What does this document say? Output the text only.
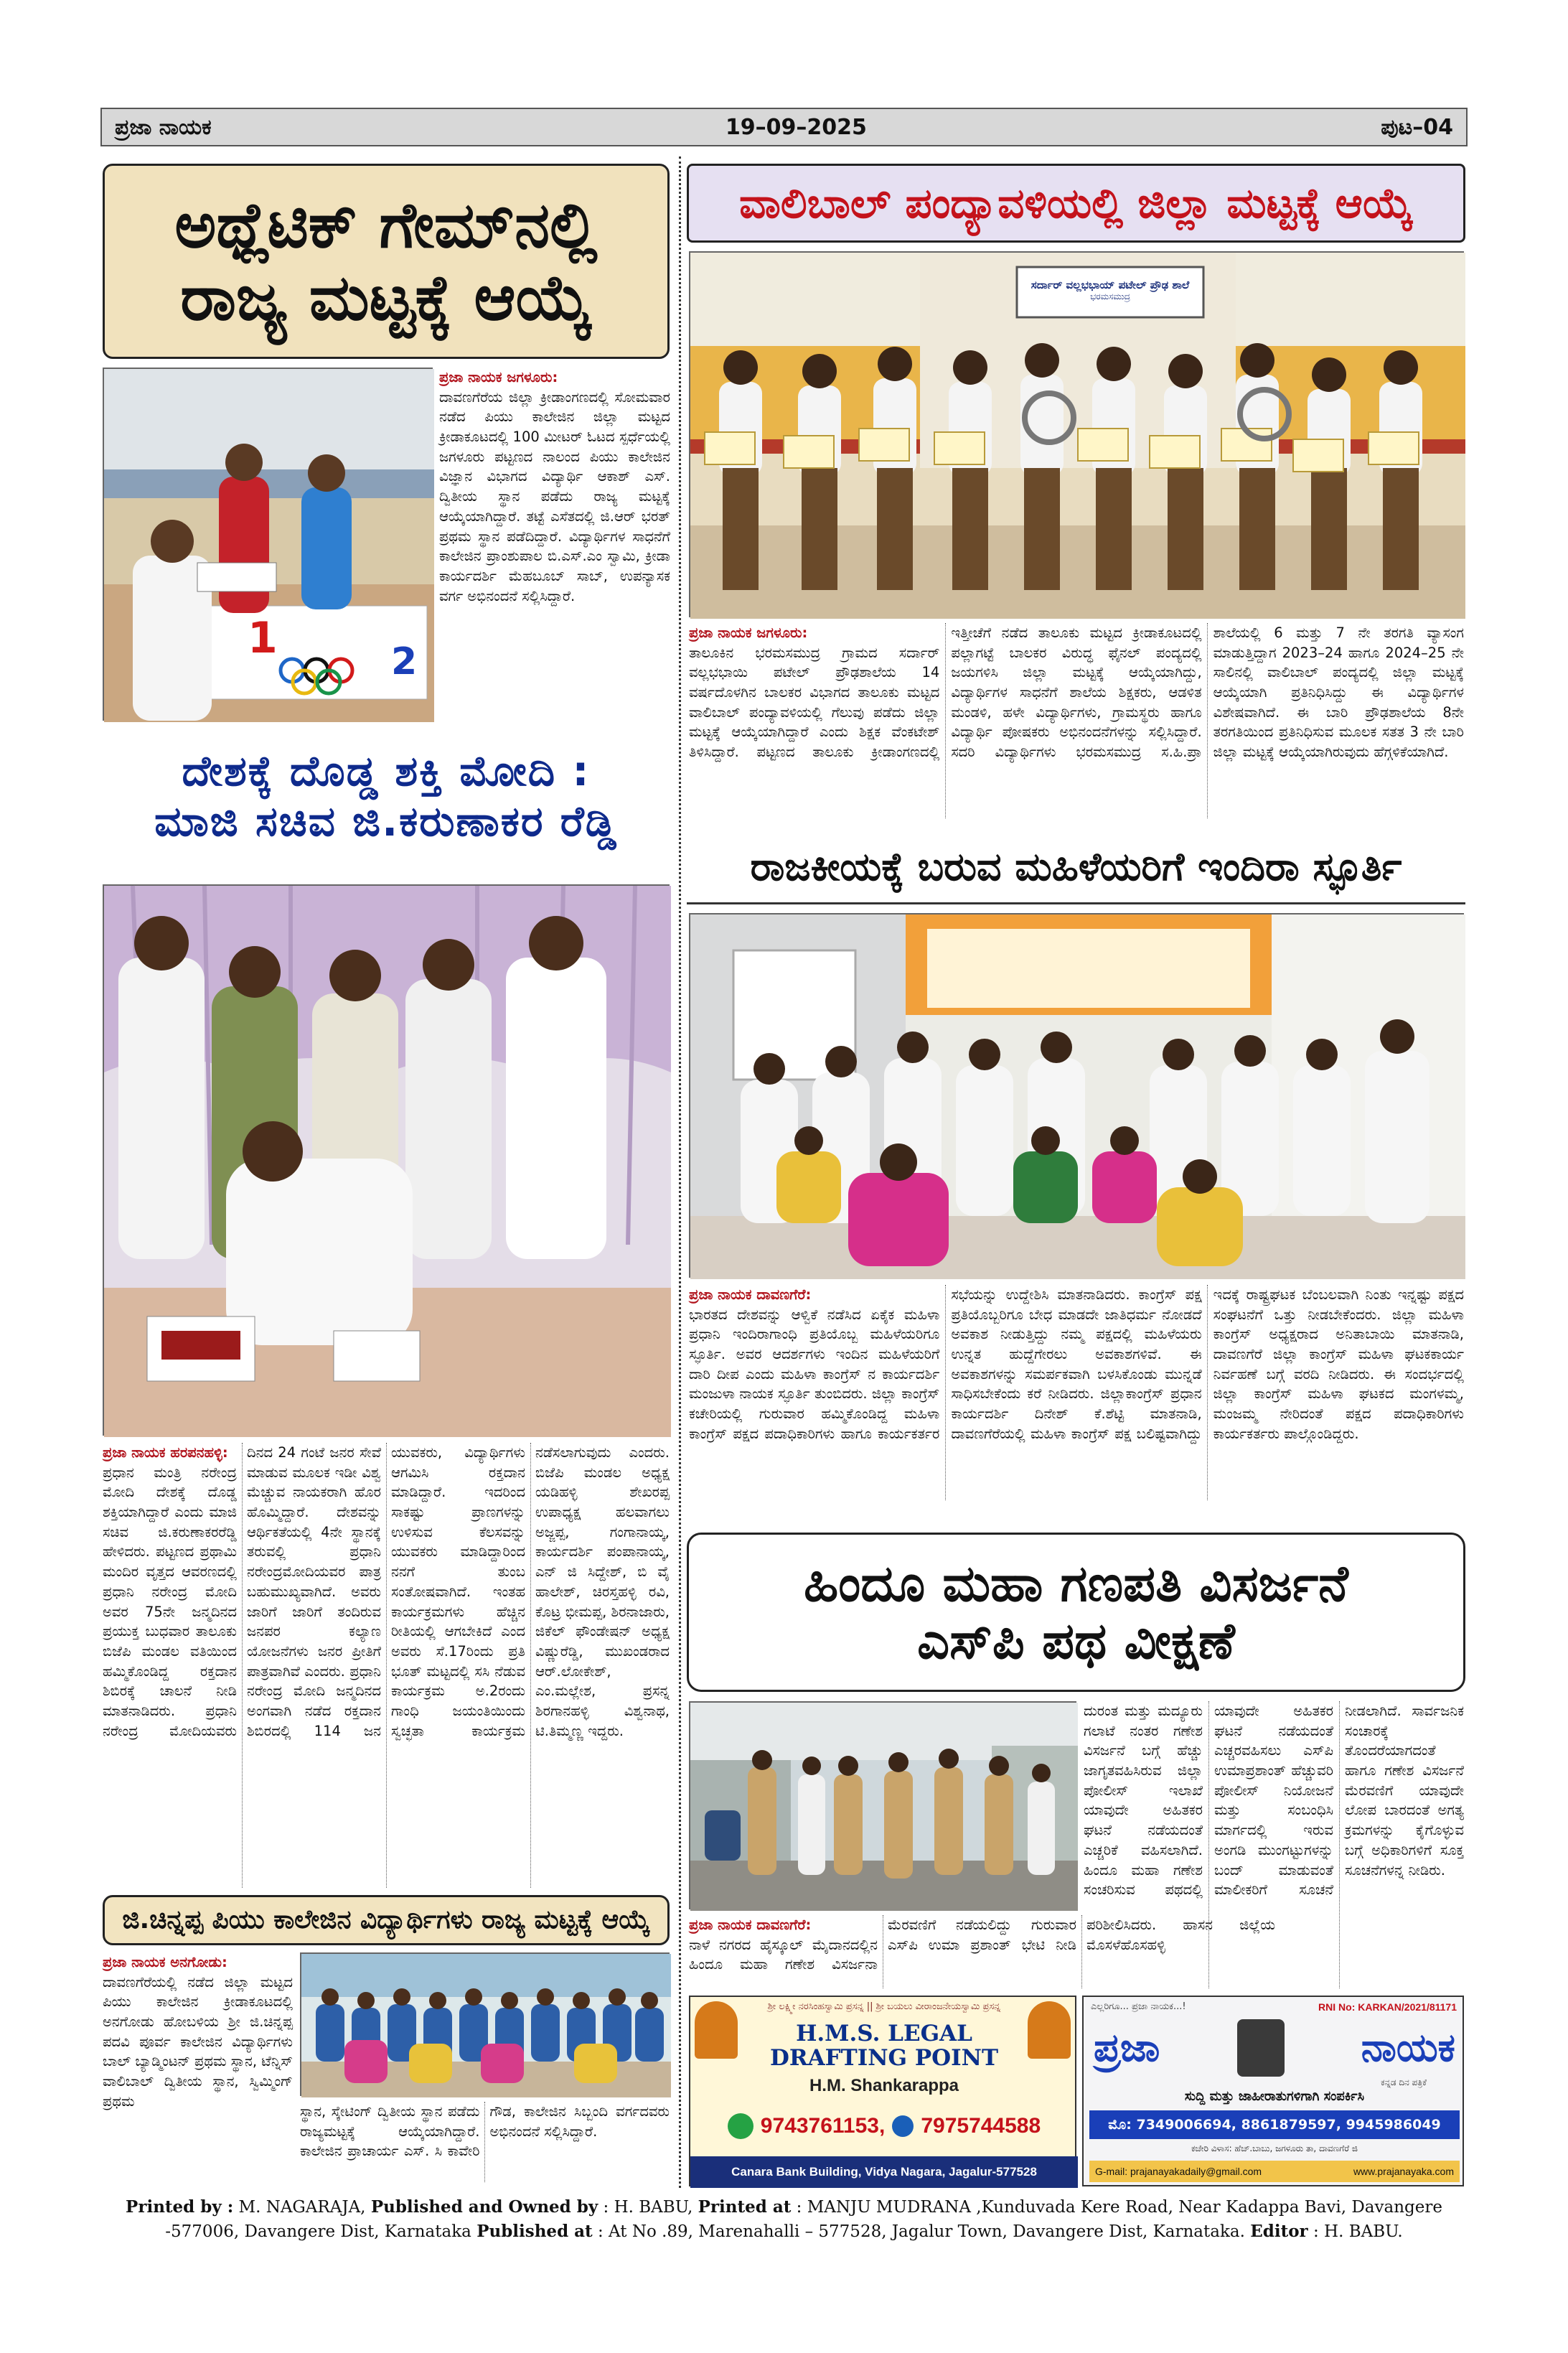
ಪ್ರಜಾ ನಾಯಕ	19–09–2025	ಪುಟ–04
ಅಥ್ಲೆಟಿಕ್ ಗೇಮ್‌ನಲ್ಲಿ
ರಾಜ್ಯ ಮಟ್ಟಕ್ಕೆ ಆಯ್ಕೆ
1	2
ಪ್ರಜಾ ನಾಯಕ ಜಗಳೂರು:
ದಾವಣಗೆರೆಯ ಜಿಲ್ಲಾ ಕ್ರೀಡಾಂಗಣದಲ್ಲಿ ಸೋಮವಾರ ನಡೆದ ಪಿಯು ಕಾಲೇಜಿನ ಜಿಲ್ಲಾ ಮಟ್ಟದ ಕ್ರೀಡಾಕೂಟದಲ್ಲಿ 100 ಮೀಟರ್ ಓಟದ ಸ್ಪರ್ಧೆಯಲ್ಲಿ ಜಗಳೂರು ಪಟ್ಟಣದ ನಾಲಂದ ಪಿಯು ಕಾಲೇಜಿನ ವಿಜ್ಞಾನ ವಿಭಾಗದ ವಿದ್ಯಾರ್ಥಿ ಆಕಾಶ್ ಎಸ್. ದ್ವಿತೀಯ ಸ್ಥಾನ ಪಡೆದು ರಾಜ್ಯ ಮಟ್ಟಕ್ಕೆ ಆಯ್ಕೆಯಾಗಿದ್ದಾರೆ. ತಟ್ಟೆ ಎಸೆತದಲ್ಲಿ ಜಿ.ಆರ್ ಭರತ್ ಪ್ರಥಮ ಸ್ಥಾನ ಪಡೆದಿದ್ದಾರೆ. ವಿದ್ಯಾರ್ಥಿಗಳ ಸಾಧನೆಗೆ ಕಾಲೇಜಿನ ಪ್ರಾಂಶುಪಾಲ ಬಿ.ಎಸ್.ಎಂ ಸ್ವಾಮಿ, ಕ್ರೀಡಾ ಕಾರ್ಯದರ್ಶಿ ಮೆಹಬೂಬ್ ಸಾಬ್, ಉಪನ್ಯಾಸಕ ವರ್ಗ ಅಭಿನಂದನೆ ಸಲ್ಲಿಸಿದ್ದಾರೆ.
ದೇಶಕ್ಕೆ ದೊಡ್ಡ ಶಕ್ತಿ ಮೋದಿ :
ಮಾಜಿ ಸಚಿವ ಜಿ.ಕರುಣಾಕರ ರೆಡ್ಡಿ
ಪ್ರಜಾ ನಾಯಕ ಹರಪನಹಳ್ಳಿ:
ಪ್ರಧಾನ ಮಂತ್ರಿ ನರೇಂದ್ರ ಮೋದಿ ದೇಶಕ್ಕೆ ದೊಡ್ಡ ಶಕ್ತಿಯಾಗಿದ್ದಾರೆ ಎಂದು ಮಾಜಿ ಸಚಿವ ಜಿ.ಕರುಣಾಕರರೆಡ್ಡಿ ಹೇಳಿದರು. ಪಟ್ಟಣದ ಪ್ರಥಾಮಿ ಮಂದಿರ ವೃತ್ತದ ಆವರಣದಲ್ಲಿ ಪ್ರಧಾನಿ ನರೇಂದ್ರ ಮೋದಿ ಅವರ 75ನೇ ಜನ್ಮದಿನದ ಪ್ರಯುಕ್ತ ಬುಧವಾರ ತಾಲೂಕು ಬಿಜೆಪಿ ಮಂಡಲ ವತಿಯಿಂದ ಹಮ್ಮಿಕೊಂಡಿದ್ದ ರಕ್ತದಾನ ಶಿಬಿರಕ್ಕೆ ಚಾಲನೆ ನೀಡಿ ಮಾತನಾಡಿದರು. ಪ್ರಧಾನಿ ನರೇಂದ್ರ ಮೋದಿಯವರು ದಿನದ 24 ಗಂಟೆ ಜನರ ಸೇವೆ ಮಾಡುವ ಮೂಲಕ ಇಡೀ ವಿಶ್ವ ಮೆಚ್ಚುವ ನಾಯಕರಾಗಿ ಹೊರ ಹೊಮ್ಮಿದ್ದಾರೆ. ದೇಶವನ್ನು ಆರ್ಥಿಕತೆಯಲ್ಲಿ 4ನೇ ಸ್ಥಾನಕ್ಕೆ ತರುವಲ್ಲಿ ಪ್ರಧಾನಿ ನರೇಂದ್ರಮೋದಿಯವರ ಪಾತ್ರ ಬಹುಮುಖ್ಯವಾಗಿದೆ. ಅವರು ಜಾರಿಗೆ ಜಾರಿಗೆ ತಂದಿರುವ ಜನಪರ ಕಲ್ಯಾಣ ಯೋಜನೆಗಳು ಜನರ ಪ್ರೀತಿಗೆ ಪಾತ್ರವಾಗಿವೆ ಎಂದರು. ಪ್ರಧಾನಿ ನರೇಂದ್ರ ಮೋದಿ ಜನ್ಮದಿನದ ಅಂಗವಾಗಿ ನಡೆದ ರಕ್ತದಾನ ಶಿಬಿರದಲ್ಲಿ 114 ಜನ ಯುವಕರು, ವಿದ್ಯಾರ್ಥಿಗಳು ಆಗಮಿಸಿ ರಕ್ತದಾನ ಮಾಡಿದ್ದಾರೆ. ಇದರಿಂದ ಸಾಕಷ್ಟು ಪ್ರಾಣಗಳನ್ನು ಉಳಿಸುವ ಕೆಲಸವನ್ನು ಯುವಕರು ಮಾಡಿದ್ದಾರಿಂದ ನನಗೆ ತುಂಬ ಸಂತೋಷವಾಗಿದೆ. ಇಂತಹ ಕಾರ್ಯಕ್ರಮಗಳು ಹೆಚ್ಚಿನ ರೀತಿಯಲ್ಲಿ ಆಗಬೇಕಿದೆ ಎಂದ ಅವರು ಸೆ.17ರಿಂದು ಪ್ರತಿ ಭೂತ್ ಮಟ್ಟದಲ್ಲಿ ಸಸಿ ನೆಡುವ ಕಾರ್ಯಕ್ರಮ ಅ.2ರಂದು ಗಾಂಧಿ ಜಯಂತಿಯಿಂದು ಸ್ವಚ್ಛತಾ ಕಾರ್ಯಕ್ರಮ ನಡೆಸಲಾಗುವುದು ಎಂದರು. ಬಿಜೆಪಿ ಮಂಡಲ ಅಧ್ಯಕ್ಷ ಯಡಿಹಳ್ಳಿ ಶೇಖರಪ್ಪ ಉಪಾಧ್ಯಕ್ಷ ಹಲವಾಗಲು ಅಜ್ಜಪ್ಪ, ಗಂಗಾನಾಯ್ಕ, ಕಾರ್ಯದರ್ಶಿ ಪಂಪಾನಾಯ್ಕ, ಎನ್ ಜಿ ಸಿದ್ದೇಶ್, ಬಿ ವೈ ಹಾಲೇಶ್, ಚಿರಸ್ತಹಳ್ಳಿ ರವಿ, ಕೊಟ್ರ ಭೀಮಪ್ಪ, ಶಿರನಾಜಾರು, ಜಿಕೆಲ್ ಫೌಂಡೇಷನ್ ಅಧ್ಯಕ್ಷ ವಿಷ್ಣುರೆಡ್ಡಿ, ಮುಖಂಡರಾದ ಆರ್.ಲೋಕೇಶ್, ಎಂ.ಮಲ್ಲೇಶ, ಪ್ರಸನ್ನ ಶಿರಗಾನಹಳ್ಳಿ ವಿಶ್ವನಾಥ, ಟಿ.ತಿಮ್ಮಣ್ಣ ಇದ್ದರು.
ಜಿ.ಚಿನ್ನಪ್ಪ ಪಿಯು ಕಾಲೇಜಿನ ವಿದ್ಯಾರ್ಥಿಗಳು ರಾಜ್ಯ ಮಟ್ಟಕ್ಕೆ ಆಯ್ಕೆ
ಪ್ರಜಾ ನಾಯಕ ಅನಗೋಡು:
ದಾವಣಗೆರೆಯಲ್ಲಿ ನಡೆದ ಜಿಲ್ಲಾ ಮಟ್ಟದ ಪಿಯು ಕಾಲೇಜಿನ ಕ್ರೀಡಾಕೂಟದಲ್ಲಿ ಅನಗೋಡು ಹೋಬಳಿಯ ಶ್ರೀ ಜಿ.ಚಿನ್ನಪ್ಪ ಪದವಿ ಪೂರ್ವ ಕಾಲೇಜಿನ ವಿದ್ಯಾರ್ಥಿಗಳು ಬಾಲ್ ಬ್ಯಾಡ್ಮಿಂಟನ್ ಪ್ರಥಮ ಸ್ಥಾನ, ಟೆನ್ನಿಸ್ ವಾಲಿಬಾಲ್ ದ್ವಿತೀಯ ಸ್ಥಾನ, ಸ್ವಿಮ್ಮಿಂಗ್ ಪ್ರಥಮ
ಸ್ಥಾನ, ಸ್ಕೇಟಿಂಗ್ ದ್ವಿತೀಯ ಸ್ಥಾನ ಪಡೆದು ರಾಜ್ಯಮಟ್ಟಕ್ಕೆ ಆಯ್ಕೆಯಾಗಿದ್ದಾರೆ. ಕಾಲೇಜಿನ ಪ್ರಾಚಾರ್ಯ ಎಸ್. ಸಿ ಕಾವೇರಿ ಗೌಡ, ಕಾಲೇಜಿನ ಸಿಬ್ಬಂದಿ ವರ್ಗದವರು ಅಭಿನಂದನೆ ಸಲ್ಲಿಸಿದ್ದಾರೆ.
ವಾಲಿಬಾಲ್ ಪಂದ್ಯಾವಳಿಯಲ್ಲಿ ಜಿಲ್ಲಾ ಮಟ್ಟಕ್ಕೆ ಆಯ್ಕೆ
ಸರ್ದಾರ್ ವಲ್ಲಭಭಾಯ್ ಪಟೇಲ್ ಪ್ರೌಢ ಶಾಲೆ
ಭರಮಸಮುದ್ರ
ಪ್ರಜಾ ನಾಯಕ ಜಗಳೂರು:
ತಾಲೂಕಿನ ಭರಮಸಮುದ್ರ ಗ್ರಾಮದ ಸರ್ದಾರ್ ವಲ್ಲಭಭಾಯಿ ಪಟೇಲ್ ಪ್ರೌಢಶಾಲೆಯ 14 ವರ್ಷದೊಳಗಿನ ಬಾಲಕರ ವಿಭಾಗದ ತಾಲೂಕು ಮಟ್ಟದ ವಾಲಿಬಾಲ್ ಪಂದ್ಯಾವಳಿಯಲ್ಲಿ ಗೆಲುವು ಪಡೆದು ಜಿಲ್ಲಾ ಮಟ್ಟಕ್ಕೆ ಆಯ್ಕೆಯಾಗಿದ್ದಾರೆ ಎಂದು ಶಿಕ್ಷಕ ವೆಂಕಟೇಶ್ ತಿಳಿಸಿದ್ದಾರೆ. ಪಟ್ಟಣದ ತಾಲೂಕು ಕ್ರೀಡಾಂಗಣದಲ್ಲಿ ಇತ್ತೀಚೆಗೆ ನಡೆದ ತಾಲೂಕು ಮಟ್ಟದ ಕ್ರೀಡಾಕೂಟದಲ್ಲಿ ಪಲ್ಲಾಗಟ್ಟೆ ಬಾಲಕರ ವಿರುದ್ಧ ಫೈನಲ್ ಪಂದ್ಯದಲ್ಲಿ ಜಯಗಳಿಸಿ ಜಿಲ್ಲಾ ಮಟ್ಟಕ್ಕೆ ಆಯ್ಕೆಯಾಗಿದ್ದು, ವಿದ್ಯಾರ್ಥಿಗಳ ಸಾಧನೆಗೆ ಶಾಲೆಯ ಶಿಕ್ಷಕರು, ಆಡಳಿತ ಮಂಡಳಿ, ಹಳೇ ವಿದ್ಯಾರ್ಥಿಗಳು, ಗ್ರಾಮಸ್ಥರು ಹಾಗೂ ವಿದ್ಯಾರ್ಥಿ ಪೋಷಕರು ಅಭಿನಂದನೆಗಳನ್ನು ಸಲ್ಲಿಸಿದ್ದಾರೆ. ಸದರಿ ವಿದ್ಯಾರ್ಥಿಗಳು ಭರಮಸಮುದ್ರ ಸ.ಹಿ.ಪ್ರಾ ಶಾಲೆಯಲ್ಲಿ 6 ಮತ್ತು 7 ನೇ ತರಗತಿ ವ್ಯಾಸಂಗ ಮಾಡುತ್ತಿದ್ದಾಗ 2023–24 ಹಾಗೂ 2024–25 ನೇ ಸಾಲಿನಲ್ಲಿ ವಾಲಿಬಾಲ್ ಪಂದ್ಯದಲ್ಲಿ ಜಿಲ್ಲಾ ಮಟ್ಟಕ್ಕೆ ಆಯ್ಕೆಯಾಗಿ ಪ್ರತಿನಿಧಿಸಿದ್ದು ಈ ವಿದ್ಯಾರ್ಥಿಗಳ ವಿಶೇಷವಾಗಿದೆ. ಈ ಬಾರಿ ಪ್ರೌಢಶಾಲೆಯ 8ನೇ ತರಗತಿಯಿಂದ ಪ್ರತಿನಿಧಿಸುವ ಮೂಲಕ ಸತತ 3 ನೇ ಬಾರಿ ಜಿಲ್ಲಾ ಮಟ್ಟಕ್ಕೆ ಆಯ್ಕೆಯಾಗಿರುವುದು ಹೆಗ್ಗಳಿಕೆಯಾಗಿದೆ.
ರಾಜಕೀಯಕ್ಕೆ ಬರುವ ಮಹಿಳೆಯರಿಗೆ ಇಂದಿರಾ ಸ್ಫೂರ್ತಿ
ಪ್ರಜಾ ನಾಯಕ ದಾವಣಗೆರೆ:
ಭಾರತದ ದೇಶವನ್ನು ಆಳ್ವಿಕೆ ನಡೆಸಿದ ಏಕೈಕ ಮಹಿಳಾ ಪ್ರಧಾನಿ ಇಂದಿರಾಗಾಂಧಿ ಪ್ರತಿಯೊಬ್ಬ ಮಹಿಳೆಯರಿಗೂ ಸ್ಫೂರ್ತಿ. ಅವರ ಆದರ್ಶಗಳು ಇಂದಿನ ಮಹಿಳೆಯರಿಗೆ ದಾರಿ ದೀಪ ಎಂದು ಮಹಿಳಾ ಕಾಂಗ್ರೆಸ್ ನ ಕಾರ್ಯದರ್ಶಿ ಮಂಜುಳಾ ನಾಯಕ ಸ್ಫೂರ್ತಿ ತುಂಬಿದರು. ಜಿಲ್ಲಾ ಕಾಂಗ್ರೆಸ್ ಕಚೇರಿಯಲ್ಲಿ ಗುರುವಾರ ಹಮ್ಮಿಕೊಂಡಿದ್ದ ಮಹಿಳಾ ಕಾಂಗ್ರೆಸ್ ಪಕ್ಷದ ಪದಾಧಿಕಾರಿಗಳು ಹಾಗೂ ಕಾರ್ಯಕರ್ತರ ಸಭೆಯನ್ನು ಉದ್ದೇಶಿಸಿ ಮಾತನಾಡಿದರು. ಕಾಂಗ್ರೆಸ್ ಪಕ್ಷ ಪ್ರತಿಯೊಬ್ಬರಿಗೂ ಬೇಧ ಮಾಡದೇ ಜಾತಿಧರ್ಮ ನೋಡದೆ ಅವಕಾಶ ನೀಡುತ್ತಿದ್ದು ನಮ್ಮ ಪಕ್ಷದಲ್ಲಿ ಮಹಿಳೆಯರು ಉನ್ನತ ಹುದ್ದೆಗೇರಲು ಅವಕಾಶಗಳಿವೆ. ಈ ಅವಕಾಶಗಳನ್ನು ಸಮರ್ಪಕವಾಗಿ ಬಳಸಿಕೊಂಡು ಮುನ್ನಡೆ ಸಾಧಿಸಬೇಕೆಂದು ಕರೆ ನೀಡಿದರು. ಜಿಲ್ಲಾಕಾಂಗ್ರೆಸ್ ಪ್ರಧಾನ ಕಾರ್ಯದರ್ಶಿ ದಿನೇಶ್ ಕೆ.ಶೆಟ್ಟಿ ಮಾತನಾಡಿ, ದಾವಣಗೆರೆಯಲ್ಲಿ ಮಹಿಳಾ ಕಾಂಗ್ರೆಸ್ ಪಕ್ಷ ಬಲಿಷ್ಟವಾಗಿದ್ದು ಇದಕ್ಕೆ ರಾಷ್ಟ್ರಘಟಕ ಬೆಂಬಲವಾಗಿ ನಿಂತು ಇನ್ನಷ್ಟು ಪಕ್ಷದ ಸಂಘಟನೆಗೆ ಒತ್ತು ನೀಡಬೇಕೆಂದರು. ಜಿಲ್ಲಾ ಮಹಿಳಾ ಕಾಂಗ್ರೆಸ್ ಅಧ್ಯಕ್ಷರಾದ ಅನಿತಾಬಾಯಿ ಮಾತನಾಡಿ, ದಾವಣಗೆರೆ ಜಿಲ್ಲಾ ಕಾಂಗ್ರೆಸ್ ಮಹಿಳಾ ಘಟಕಕಾರ್ಯ ನಿರ್ವಹಣೆ ಬಗ್ಗೆ ವರದಿ ನೀಡಿದರು. ಈ ಸಂದರ್ಭದಲ್ಲಿ ಜಿಲ್ಲಾ ಕಾಂಗ್ರೆಸ್ ಮಹಿಳಾ ಘಟಕದ ಮಂಗಳಮ್ಮ, ಮಂಜಮ್ಮ ನೇರಿದಂತೆ ಪಕ್ಷದ ಪದಾಧಿಕಾರಿಗಳು ಕಾರ್ಯಕರ್ತರು ಪಾಲ್ಗೊಂಡಿದ್ದರು.
ಹಿಂದೂ ಮಹಾ ಗಣಪತಿ ವಿಸರ್ಜನೆ
ಎಸ್‌ಪಿ ಪಥ ವೀಕ್ಷಣೆ
ದುರಂತ ಮತ್ತು ಮದ್ಯೂರು ಗಲಾಟೆ ನಂತರ ಗಣೇಶ ವಿಸರ್ಜನೆ ಬಗ್ಗೆ ಹೆಚ್ಚು ಜಾಗೃತವಹಿಸಿರುವ ಜಿಲ್ಲಾ ಪೋಲೀಸ್ ಇಲಾಖೆ ಯಾವುದೇ ಅಹಿತಕರ ಘಟನೆ ನಡೆಯದಂತೆ ಎಚ್ಚರಿಕೆ ವಹಿಸಲಾಗಿದೆ. ಹಿಂದೂ ಮಹಾ ಗಣೇಶ ಸಂಚರಿಸುವ ಪಥದಲ್ಲಿ ಯಾವುದೇ ಅಹಿತಕರ ಘಟನೆ ನಡೆಯದಂತೆ ಎಚ್ಚರವಹಿಸಲು ಎಸ್‌ಪಿ ಉಮಾಪ್ರಶಾಂತ್ ಹೆಚ್ಚುವರಿ ಪೋಲೀಸ್ ನಿಯೋಜನೆ ಮತ್ತು ಸಂಬಂಧಿಸಿ ಮಾರ್ಗದಲ್ಲಿ ಇರುವ ಅಂಗಡಿ ಮುಂಗಟ್ಟುಗಳನ್ನು ಬಂದ್ ಮಾಡುವಂತೆ ಮಾಲೀಕರಿಗೆ ಸೂಚನೆ ನೀಡಲಾಗಿದೆ. ಸಾರ್ವಜನಿಕ ಸಂಚಾರಕ್ಕೆ ತೊಂದರೆಯಾಗದಂತೆ ಹಾಗೂ ಗಣೇಶ ವಿಸರ್ಜನೆ ಮೆರವಣಿಗೆ ಯಾವುದೇ ಲೋಪ ಬಾರದಂತೆ ಅಗತ್ಯ ಕ್ರಮಗಳನ್ನು ಕೈಗೊಳ್ಳುವ ಬಗ್ಗೆ ಅಧಿಕಾರಿಗಳಿಗೆ ಸೂಕ್ತ ಸೂಚನೆಗಳನ್ನ ನೀಡಿರು.
ಪ್ರಜಾ ನಾಯಕ ದಾವಣಗೆರೆ:
ನಾಳೆ ನಗರದ ಹೈಸ್ಕೂಲ್ ಮೈದಾನದಲ್ಲಿನ ಹಿಂದೂ ಮಹಾ ಗಣೇಶ ವಿಸರ್ಜನಾ ಮೆರವಣಿಗೆ ನಡೆಯಲಿದ್ದು ಗುರುವಾರ ಎಸ್‌ಪಿ ಉಮಾ ಪ್ರಶಾಂತ್ ಭೇಟಿ ನೀಡಿ ಪರಿಶೀಲಿಸಿದರು. ಹಾಸನ ಜಿಲ್ಲೆಯ ಮೊಸಳೆಹೊಸಹಳ್ಳಿ
ಶ್ರೀ ಲಕ್ಷ್ಮೀ ನರಸಿಂಹಸ್ವಾಮಿ ಪ್ರಸನ್ನ || ಶ್ರೀ ಬಯಲು ವೀರಾಂಜನೇಯಸ್ವಾಮಿ ಪ್ರಸನ್ನ
H.M.S. LEGAL DRAFTING POINT
H.M. Shankarappa
9743761153, 7975744588
Canara Bank Building, Vidya Nagara, Jagalur-577528
ಎಲ್ಲರಿಗೂ... ಪ್ರಜಾ ನಾಯಕ...!	RNI No: KARKAN/2021/81171
ಪ್ರಜಾ	ನಾಯಕ
ಕನ್ನಡ ದಿನ ಪತ್ರಿಕೆ
ಸುದ್ದಿ ಮತ್ತು ಜಾಹೀರಾತುಗಳಿಗಾಗಿ ಸಂಪರ್ಕಿಸಿ
ಮೊ: 7349006694, 8861879597, 9945986049
ಕಚೇರಿ ವಿಳಾಸ: ಹೆಚ್.ಬಾಬು, ಜಗಳೂರು ತಾ, ದಾವಣಗೆರೆ ಜಿ
G-mail: prajanayakadaily@gmail.com	www.prajanayaka.com
Printed by : M. NAGARAJA, Published and Owned by : H. BABU, Printed at : MANJU MUDRANA ,Kunduvada Kere Road, Near Kadappa Bavi, Davangere -577006, Davangere Dist, Karnataka Published at : At No .89, Marenahalli – 577528, Jagalur Town, Davangere Dist, Karnataka. Editor : H. BABU.
